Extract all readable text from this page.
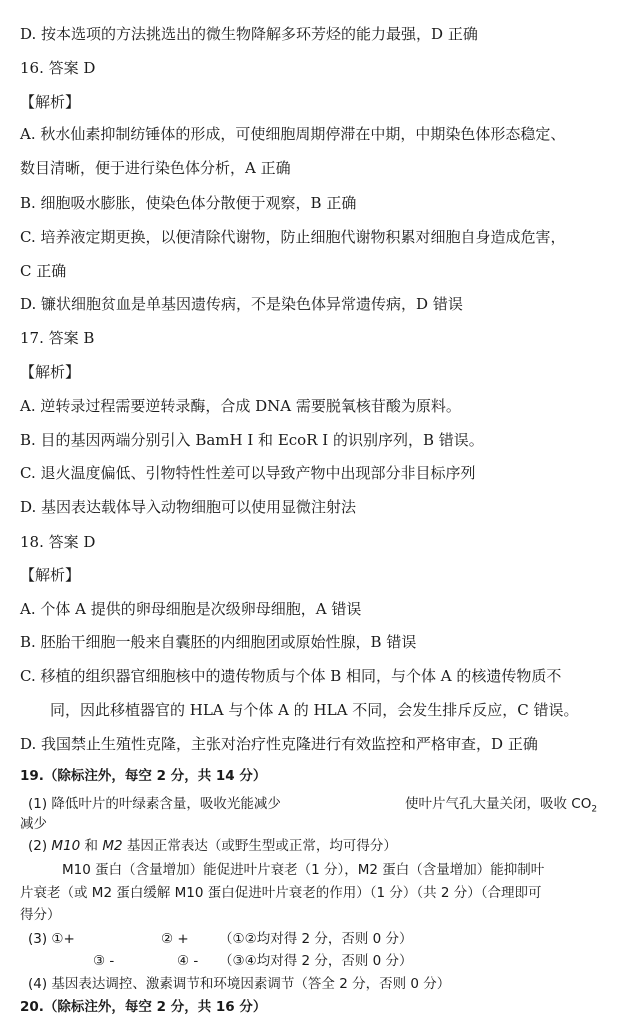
D. 按本选项的方法挑选出的微生物降解多环芳烃的能力最强，D 正确
16. 答案 D
【解析】
A. 秋水仙素抑制纺锤体的形成，可使细胞周期停滞在中期，中期染色体形态稳定、
数目清晰，便于进行染色体分析，A 正确
B. 细胞吸水膨胀，使染色体分散便于观察，B 正确
C. 培养液定期更换，以便清除代谢物，防止细胞代谢物积累对细胞自身造成危害，
C 正确
D. 镰状细胞贫血是单基因遗传病，不是染色体异常遗传病，D 错误
17. 答案 B
【解析】
A. 逆转录过程需要逆转录酶，合成 DNA 需要脱氧核苷酸为原料。
B. 目的基因两端分别引入 BamH I 和 EcoR I 的识别序列，B 错误。
C. 退火温度偏低、引物特性性差可以导致产物中出现部分非目标序列
D. 基因表达载体导入动物细胞可以使用显微注射法
18. 答案 D
【解析】
A. 个体 A 提供的卵母细胞是次级卵母细胞，A 错误
B. 胚胎干细胞一般来自囊胚的内细胞团或原始性腺，B 错误
C. 移植的组织器官细胞核中的遗传物质与个体 B 相同，与个体 A 的核遗传物质不
同，因此移植器官的 HLA 与个体 A 的 HLA 不同，会发生排斥反应，C 错误。
D. 我国禁止生殖性克隆，主张对治疗性克隆进行有效监控和严格审查，D 正确
19.（除标注外，每空 2 分，共 14 分）
(1) 降低叶片的叶绿素含量，吸收光能减少	使叶片气孔大量关闭，吸收 $CO_2$
减少
(2) M10 和 M2 基因正常表达（或野生型或正常，均可得分）
M10 蛋白（含量增加）能促进叶片衰老（1 分），M2 蛋白（含量增加）能抑制叶
片衰老（或 M2 蛋白缓解 M10 蛋白促进叶片衰老的作用）（1 分）（共 2 分）（合理即可
得分）
(3) ①+	② + （①②均对得 2 分，否则 0 分）
③ -	④ - （③④均对得 2 分，否则 0 分）
(4) 基因表达调控、激素调节和环境因素调节（答全 2 分，否则 0 分）
20.（除标注外，每空 2 分，共 16 分）
